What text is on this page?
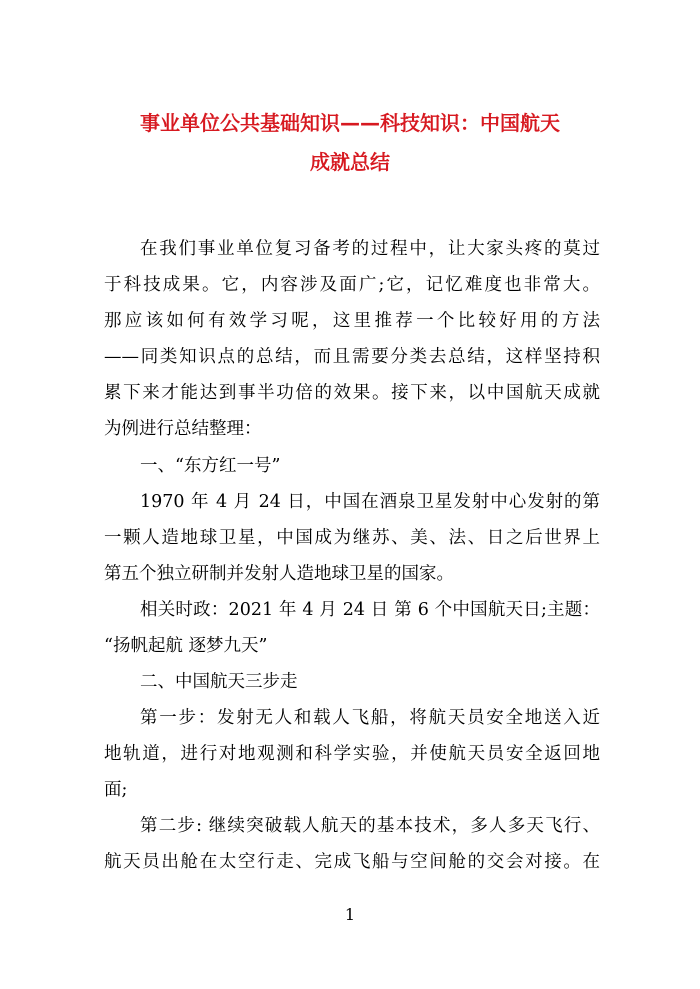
事业单位公共基础知识——科技知识：中国航天
成就总结
在我们事业单位复习备考的过程中，让大家头疼的莫过
于科技成果。它，内容涉及面广;它，记忆难度也非常大。
那应该如何有效学习呢，这里推荐一个比较好用的方法
——同类知识点的总结，而且需要分类去总结，这样坚持积
累下来才能达到事半功倍的效果。接下来，以中国航天成就
为例进行总结整理：
一、“东方红一号”
1970 年 4 月 24 日，中国在酒泉卫星发射中心发射的第
一颗人造地球卫星，中国成为继苏、美、法、日之后世界上
第五个独立研制并发射人造地球卫星的国家。
相关时政：2021 年 4 月 24 日 第 6 个中国航天日;主题：
“扬帆起航 逐梦九天”
二、中国航天三步走
第一步：发射无人和载人飞船，将航天员安全地送入近
地轨道，进行对地观测和科学实验，并使航天员安全返回地
面;
第二步: 继续突破载人航天的基本技术，多人多天飞行、
航天员出舱在太空行走、完成飞船与空间舱的交会对接。在
1
